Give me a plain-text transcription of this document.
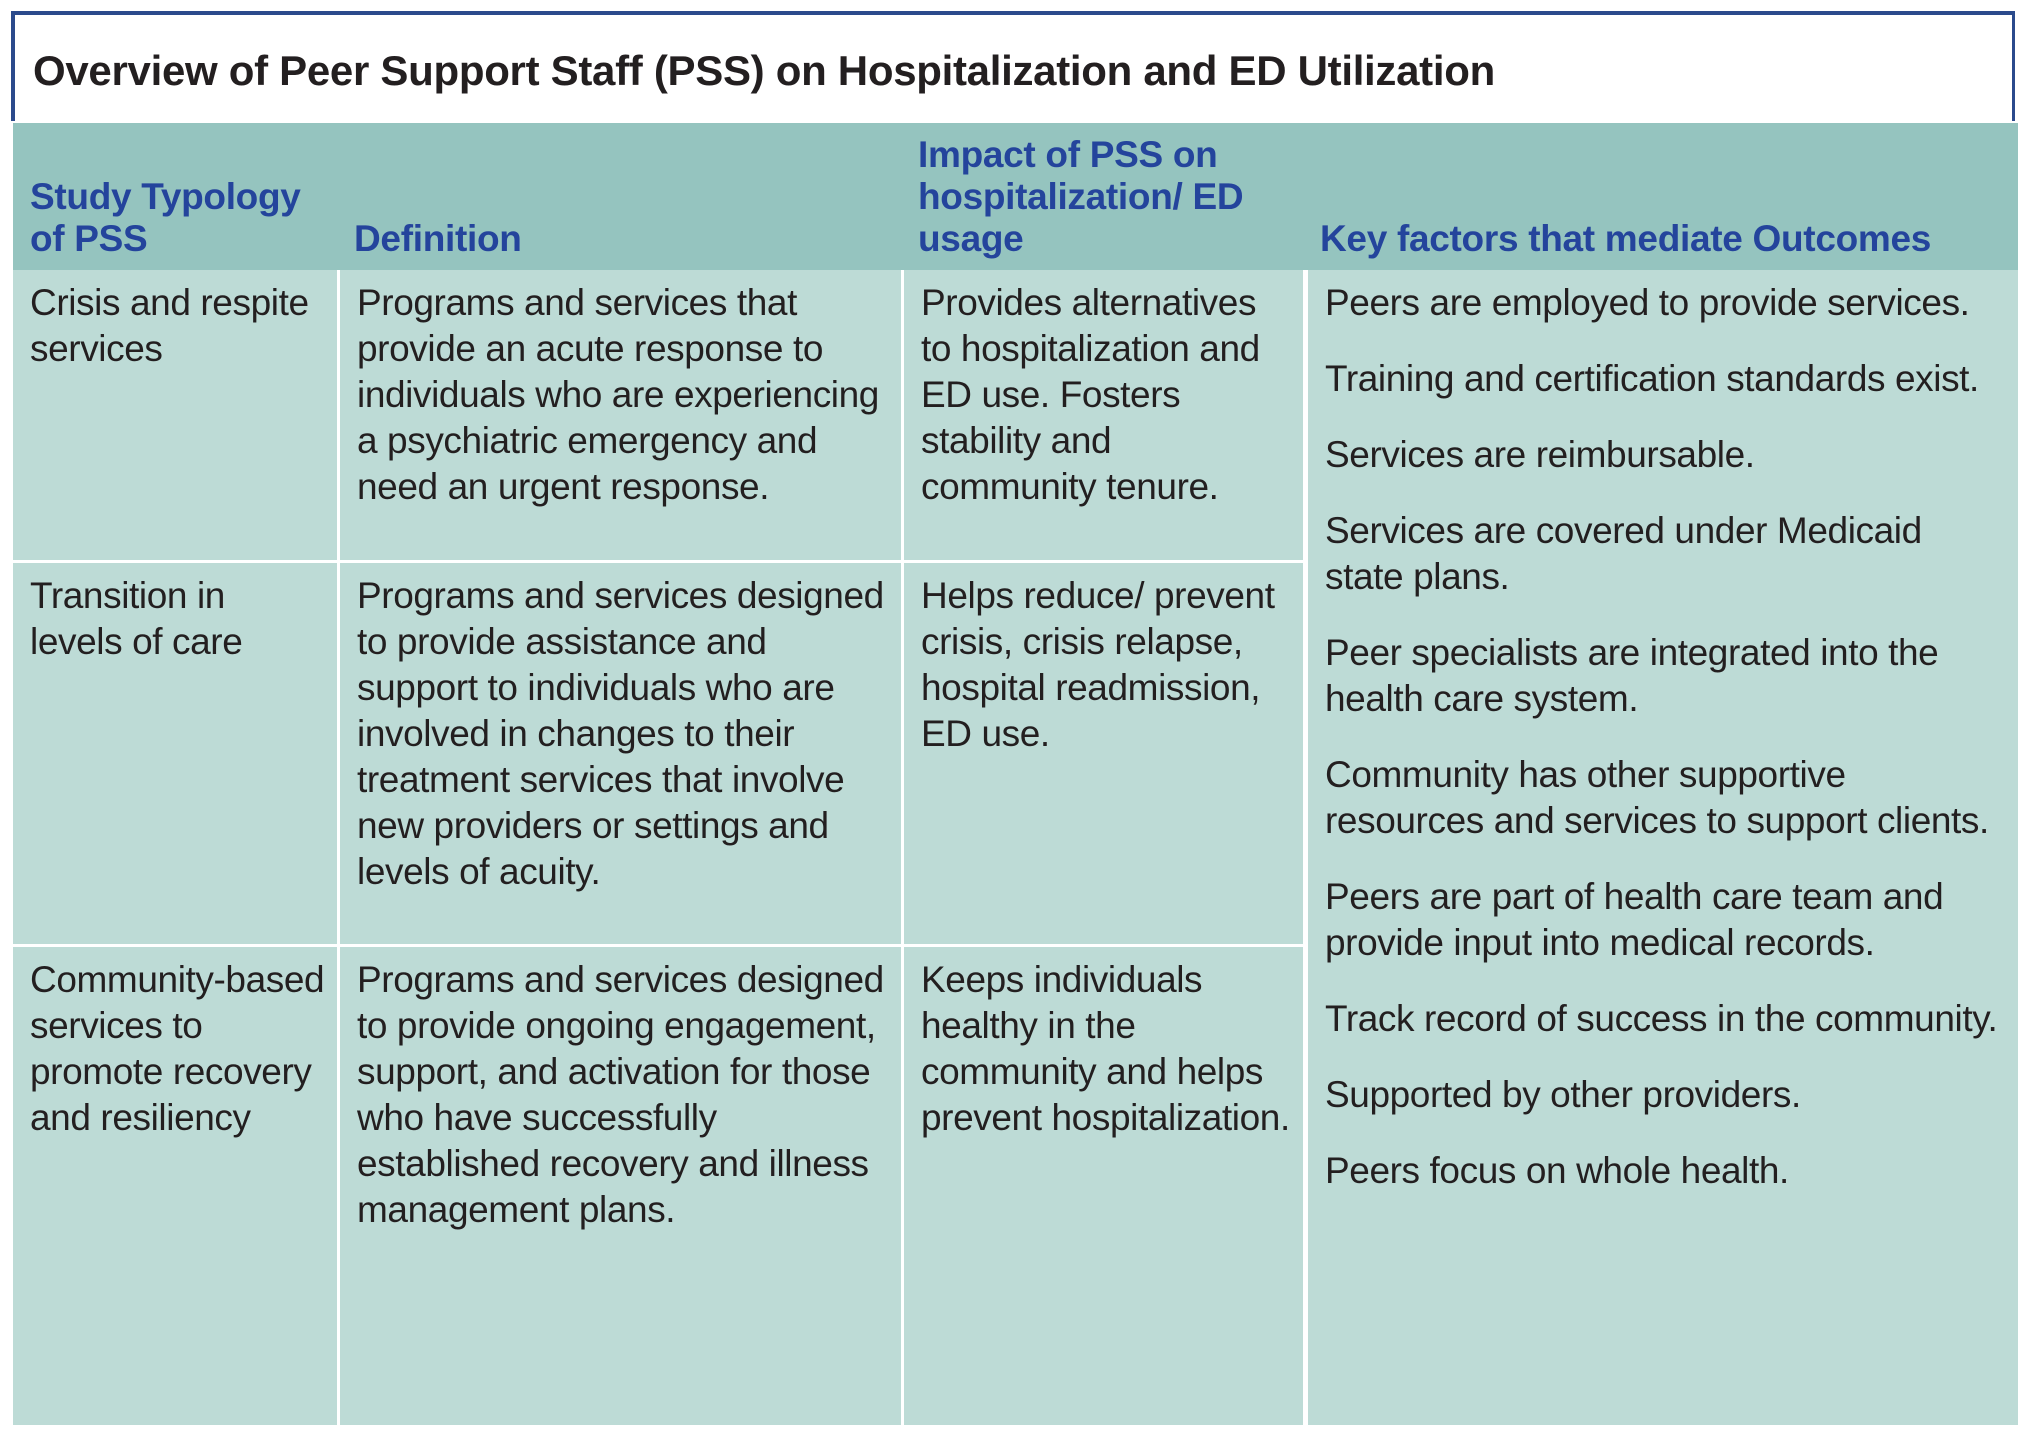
Overview of Peer Support Staff (PSS) on Hospitalization and ED Utilization
Study Typology of PSS	Definition
Impact of PSS on hospitalization/ ED usage	Key factors that mediate Outcomes
Crisis and respite services
Programs and services that provide an acute response to individuals who are experiencing a psychiatric emergency and need an urgent response.
Provides alternatives to hospitalization and ED use. Fosters stability and community tenure.
Transition in levels of care
Programs and services designed to provide assistance and support to individuals who are involved in changes to their treatment services that involve new providers or settings and levels of acuity.
Helps reduce/ prevent crisis, crisis relapse, hospital readmission, ED use.
Community-based services to promote recovery and resiliency
Programs and services designed to provide ongoing engagement, support, and activation for those who have successfully established recovery and illness management plans.
Keeps individuals healthy in the community and helps prevent hospitalization.

Peers are employed to provide services.

Training and certification standards exist.

Services are reimbursable.

Services are covered under Medicaid state plans.

Peer specialists are integrated into the health care system.

Community has other supportive resources and services to support clients.

Peers are part of health care team and provide input into medical records.

Track record of success in the community.

Supported by other providers.

Peers focus on whole health.
